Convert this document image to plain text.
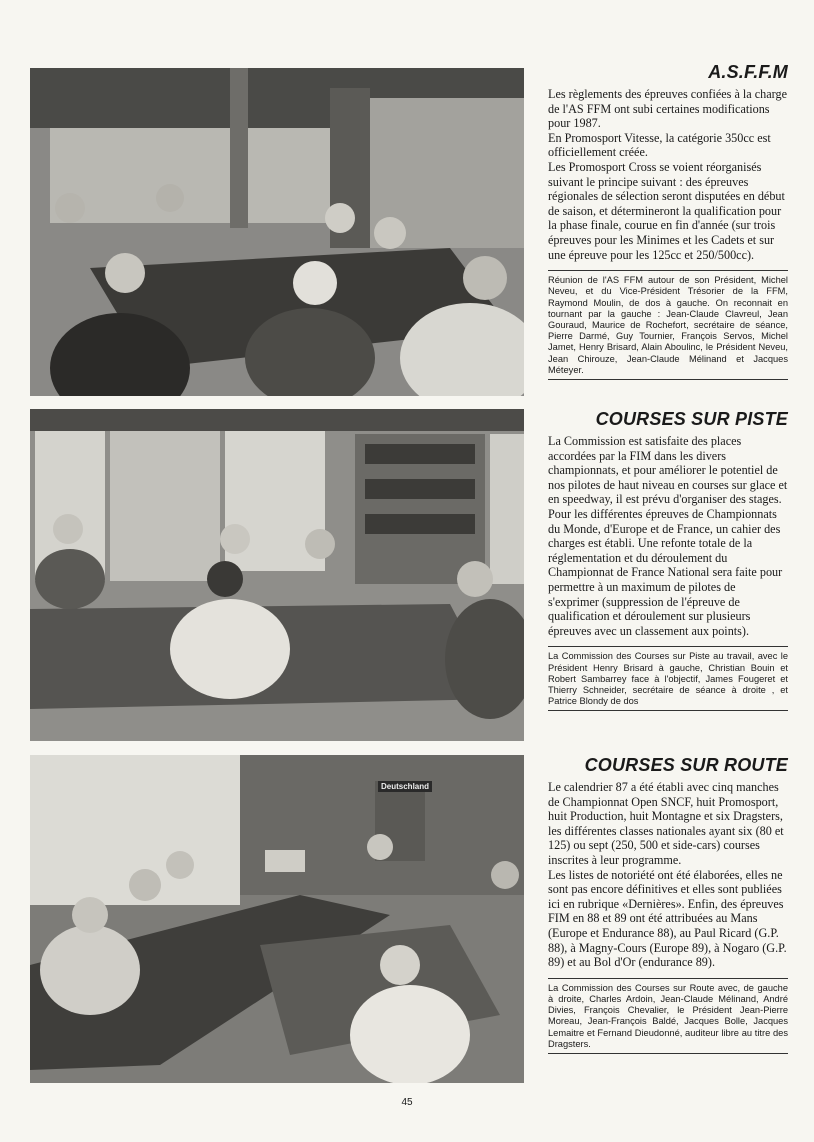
Deutschland
A.S.F.F.M

Les règlements des épreuves confiées à la charge de l'AS FFM ont subi certaines modifications pour 1987.

En Promosport Vitesse, la catégorie 350cc est officiellement créée.

Les Promosport Cross se voient réorganisés suivant le principe suivant : des épreuves régionales de sélection seront disputées en début de saison, et détermineront la qualification pour la phase finale, courue en fin d'année (sur trois épreuves pour les Minimes et les Cadets et sur une épreuve pour les 125cc et 250/500cc).

Réunion de l'AS FFM autour de son Président, Michel Neveu, et du Vice-Président Trésorier de la FFM, Raymond Moulin, de dos à gauche. On reconnait en tournant par la gauche : Jean-Claude Clavreul, Jean Gouraud, Maurice de Rochefort, secrétaire de séance, Pierre Darmé, Guy Tournier, François Servos, Michel Jamet, Henry Brisard, Alain Aboulinc, le Président Neveu, Jean Chirouze, Jean-Claude Mélinand et Jacques Méteyer.

COURSES SUR PISTE

La Commission est satisfaite des places accordées par la FIM dans les divers championnats, et pour améliorer le potentiel de nos pilotes de haut niveau en courses sur glace et en speedway, il est prévu d'organiser des stages.

Pour les différentes épreuves de Championnats du Monde, d'Europe et de France, un cahier des charges est établi. Une refonte totale de la réglementation et du déroulement du Championnat de France National sera faite pour permettre à un maximum de pilotes de s'exprimer (suppression de l'épreuve de qualification et déroulement sur plusieurs épreuves avec un classement aux points).

La Commission des Courses sur Piste au travail, avec le Président Henry Brisard à gauche, Christian Bouin et Robert Sambarrey face à l'objectif, James Fougeret et Thierry Schneider, secrétaire de séance à droite , et Patrice Blondy de dos

COURSES SUR ROUTE

Le calendrier 87 a été établi avec cinq manches de Championnat Open SNCF, huit Promosport, huit Production, huit Montagne et six Dragsters, les différentes classes nationales ayant six (80 et 125) ou sept (250, 500 et side-cars) courses inscrites à leur programme.

Les listes de notoriété ont été élaborées, elles ne sont pas encore définitives et elles sont publiées ici en rubrique «Dernières». Enfin, des épreuves FIM en 88 et 89 ont été attribuées au Mans (Europe et Endurance 88), au Paul Ricard (G.P. 88), à Magny-Cours (Europe 89), à Nogaro (G.P. 89) et au Bol d'Or (endurance 89).

La Commission des Courses sur Route avec, de gauche à droite, Charles Ardoin, Jean-Claude Mélinand, André Divies, François Chevalier, le Président Jean-Pierre Moreau, Jean-François Baldé, Jacques Bolle, Jacques Lemaitre et Fernand Dieudonné, auditeur libre au titre des Dragsters.

45
